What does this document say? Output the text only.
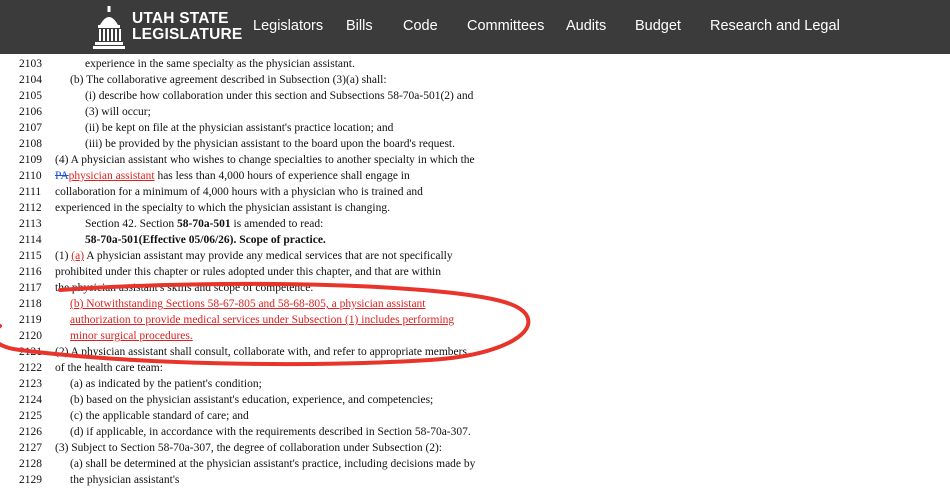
UTAH STATE
LEGISLATURE Legislators Bills Code Committees Audits Budget Research and Legal
2103	experience in the same specialty as the physician assistant.
2104	(b) The collaborative agreement described in Subsection (3)(a) shall:
2105	(i) describe how collaboration under this section and Subsections 58-70a-501(2) and
2106	(3) will occur;
2107	(ii) be kept on file at the physician assistant's practice location; and
2108	(iii) be provided by the physician assistant to the board upon the board's request.
2109	(4) A physician assistant who wishes to change specialties to another specialty in which the
2110	PAphysician assistant has less than 4,000 hours of experience shall engage in
2111	collaboration for a minimum of 4,000 hours with a physician who is trained and
2112	experienced in the specialty to which the physician assistant is changing.
2113	Section 42. Section 58-70a-501 is amended to read:
2114	58-70a-501(Effective 05/06/26). Scope of practice.
2115	(1) (a) A physician assistant may provide any medical services that are not specifically
2116	prohibited under this chapter or rules adopted under this chapter, and that are within
2117	the physician assistant's skills and scope of competence.
2118	(b) Notwithstanding Sections 58-67-805 and 58-68-805, a physician assistant
2119	authorization to provide medical services under Subsection (1) includes performing
2120	minor surgical procedures.
2121	(2) A physician assistant shall consult, collaborate with, and refer to appropriate members
2122	of the health care team:
2123	(a) as indicated by the patient's condition;
2124	(b) based on the physician assistant's education, experience, and competencies;
2125	(c) the applicable standard of care; and
2126	(d) if applicable, in accordance with the requirements described in Section 58-70a-307.
2127	(3) Subject to Section 58-70a-307, the degree of collaboration under Subsection (2):
2128	(a) shall be determined at the physician assistant's practice, including decisions made by
2129	the physician assistant's
